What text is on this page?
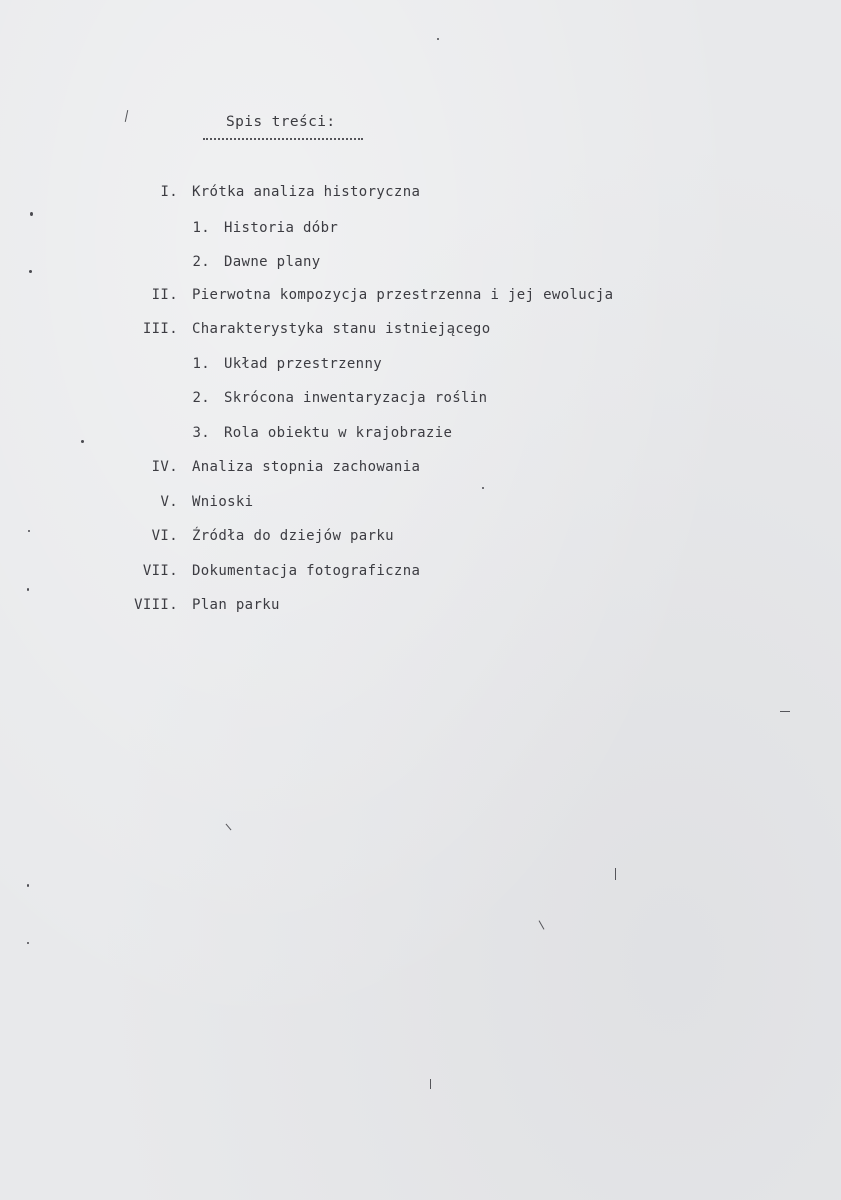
Spis treści:
I. Krótka analiza historyczna
1. Historia dóbr
2. Dawne plany
II. Pierwotna kompozycja przestrzenna i jej ewolucja
III. Charakterystyka stanu istniejącego
1. Układ przestrzenny
2. Skrócona inwentaryzacja roślin
3. Rola obiektu w krajobrazie
IV. Analiza stopnia zachowania
V. Wnioski
VI. Źródła do dziejów parku
VII. Dokumentacja fotograficzna
VIII. Plan parku
